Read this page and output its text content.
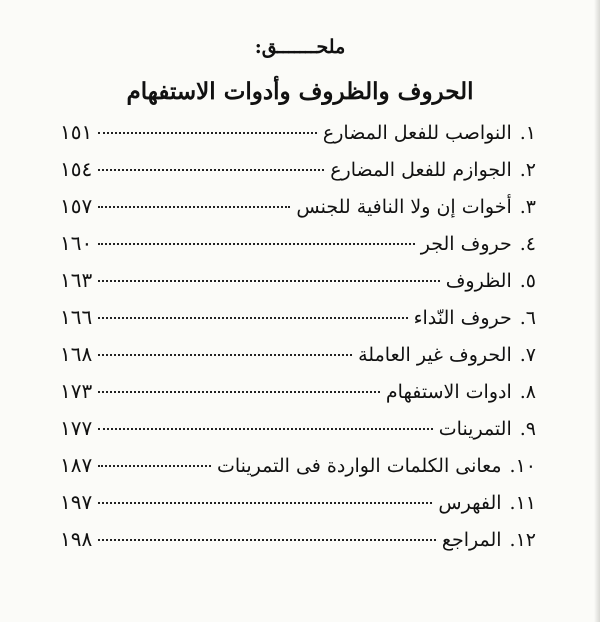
ملحـــــــق:
الحروف والظروف وأدوات الاستفهام
١.
النواصب للفعل المضارع
١٥١
٢.
الجوازم للفعل المضارع
١٥٤
٣.
أخوات إن ولا النافية للجنس
١٥٧
٤.
حروف الجر
١٦٠
٥.
الظروف
١٦٣
٦.
حروف النّداء
١٦٦
٧.
الحروف غير العاملة
١٦٨
٨.
ادوات الاستفهام
١٧٣
٩.
التمرينات
١٧٧
١٠.
معانى الكلمات الواردة فى التمرينات
١٨٧
١١.
الفهرس
١٩٧
١٢.
المراجع
١٩٨
